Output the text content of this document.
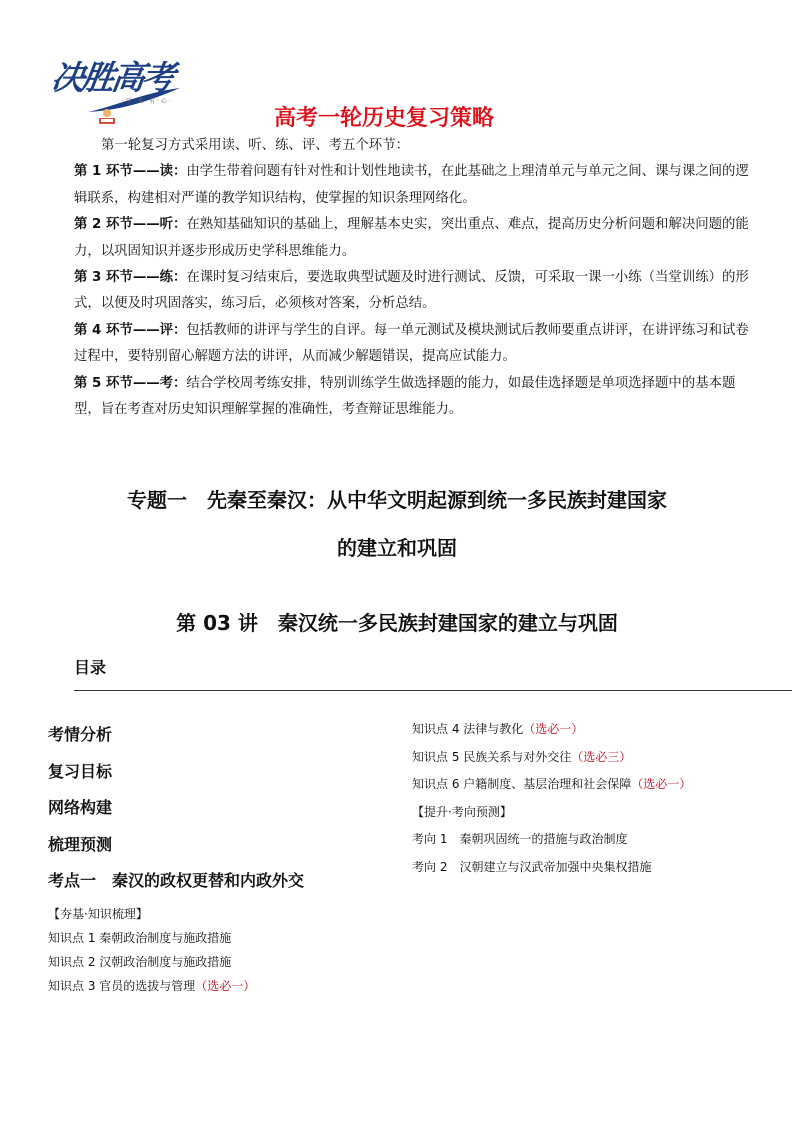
决胜高考
· 学 · 术 · 有 · 心 ·
高考一轮历史复习策略

第一轮复习方式采用读、听、练、评、考五个环节：

第 1 环节——读：由学生带着问题有针对性和计划性地读书，在此基础之上理清单元与单元之间、课与课之间的逻辑联系，构建相对严谨的教学知识结构，使掌握的知识条理网络化。

第 2 环节——听：在熟知基础知识的基础上，理解基本史实，突出重点、难点，提高历史分析问题和解决问题的能力，以巩固知识并逐步形成历史学科思维能力。

第 3 环节——练：在课时复习结束后，要选取典型试题及时进行测试、反馈，可采取一课一小练（当堂训练）的形式，以便及时巩固落实，练习后，必须核对答案，分析总结。

第 4 环节——评：包括教师的讲评与学生的自评。每一单元测试及模块测试后教师要重点讲评，在讲评练习和试卷过程中，要特别留心解题方法的讲评，从而减少解题错误，提高应试能力。

第 5 环节——考：结合学校周考练安排，特别训练学生做选择题的能力，如最佳选择题是单项选择题中的基本题型，旨在考查对历史知识理解掌握的准确性，考查辩证思维能力。

专题一　先秦至秦汉：从中华文明起源到统一多民族封建国家
的建立和巩固
第 03 讲　秦汉统一多民族封建国家的建立与巩固
目录
考情分析
复习目标
网络构建
梳理预测
考点一　秦汉的政权更替和内政外交
【夯基·知识梳理】
知识点 1 秦朝政治制度与施政措施
知识点 2 汉朝政治制度与施政措施
知识点 3 官员的选拔与管理（选必一）
知识点 4 法律与教化（选必一）
知识点 5 民族关系与对外交往（选必三）
知识点 6 户籍制度、基层治理和社会保障（选必一）
【提升·考向预测】
考向 1　秦朝巩固统一的措施与政治制度
考向 2　汉朝建立与汉武帝加强中央集权措施
